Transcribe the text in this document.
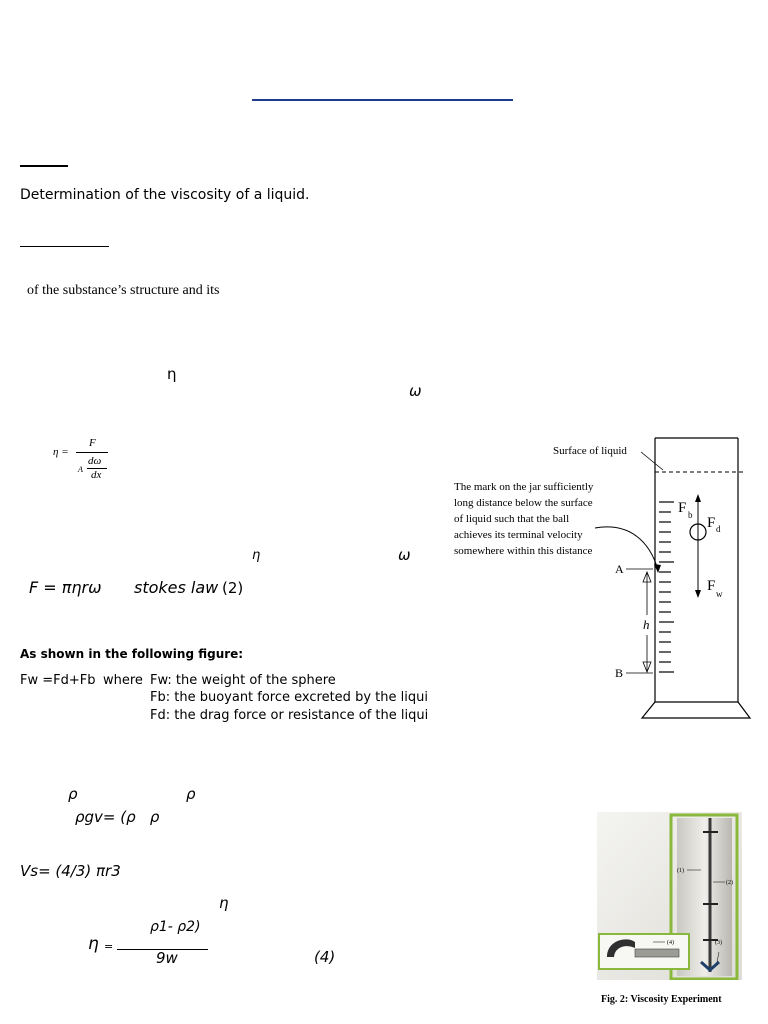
Determination of the viscosity of a liquid.
of the substance’s structure and its
η
ω
η =
F
A
dω
dx
η	ω
F = πηrω stokes law (2)
As shown in the following figure:
Fw =Fd+Fb where Fw: the weight of the sphere
Fb: the buoyant force excreted by the liqui
Fd: the drag force or resistance of the liqui
ρ	ρ
ρgv= (ρ   ρ
Vs= (4/3) πr3
η
η =
ρ1- ρ2)
9w	(4)
Surface of liquid
The mark on the jar sufficiently
long distance below the surface
of liquid such that the ball
achieves its terminal velocity
somewhere within this distance
F b F d
F w
A
B
h
(1)
(2)
(3)
(4)
Fig. 2: Viscosity Experiment
